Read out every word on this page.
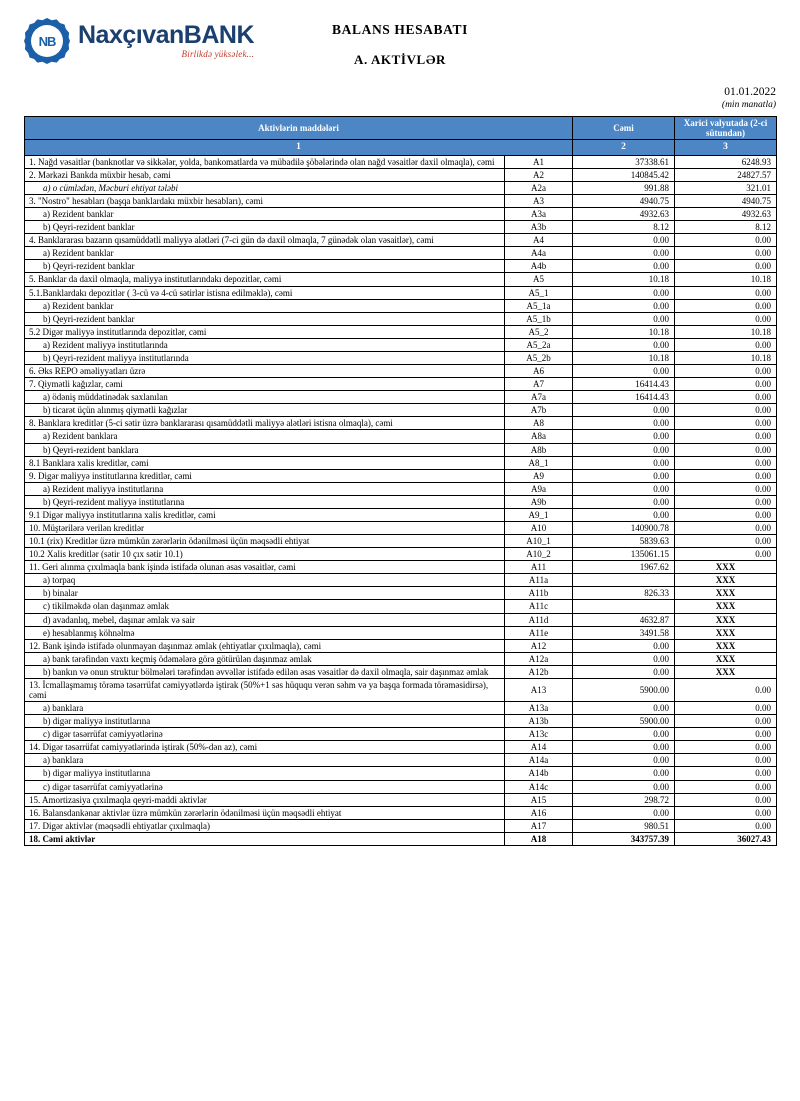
NB NaxçıvanBANK
Birlikdə yüksəlek...
BALANS HESABATI
A. AKTİVLƏR
01.01.2022
(min manatla)
Aktivlərin maddələri		Cəmi	Xarici valyutada (2-ci sütundan)
1		2	3
1. Nağd vəsaitlər (banknotlar və sikkələr, yolda, bankomatlarda və mübadilə şöbələrində olan nağd vəsaitlər daxil olmaqla), cəmi	A1	37338.61	6248.93
2. Mərkəzi Bankda müxbir hesab, cəmi	A2	140845.42	24827.57
a) o cümlədən, Məcburi ehtiyat tələbi	A2a	991.88	321.01
3. "Nostro" hesabları (başqa banklardakı müxbir hesabları), cəmi	A3	4940.75	4940.75
a) Rezident banklar	A3a	4932.63	4932.63
b) Qeyri-rezident banklar	A3b	8.12	8.12
4. Banklararası bazarın qısamüddətli maliyyə alətləri (7-ci gün də daxil olmaqla, 7 günədək olan vəsaitlər), cəmi	A4	0.00	0.00
a) Rezident banklar	A4a	0.00	0.00
b) Qeyri-rezident banklar	A4b	0.00	0.00
5. Banklar da daxil olmaqla, maliyyə institutlarındakı depozitlər, cəmi	A5	10.18	10.18
5.1.Banklardakı depozitlər ( 3-cü və 4-cü sətirlər istisna edilməklə), cəmi	A5_1	0.00	0.00
a) Rezident banklar	A5_1a	0.00	0.00
b) Qeyri-rezident banklar	A5_1b	0.00	0.00
5.2 Digər maliyyə institutlarında depozitlər, cəmi	A5_2	10.18	10.18
a) Rezident maliyyə institutlarında	A5_2a	0.00	0.00
b) Qeyri-rezident maliyyə institutlarında	A5_2b	10.18	10.18
6. Əks REPO əməliyyatları üzrə	A6	0.00	0.00
7. Qiymətli kağızlar, cəmi	A7	16414.43	0.00
a) ödəniş müddətinədək saxlanılan	A7a	16414.43	0.00
b) ticarət üçün alınmış qiymətli kağızlar	A7b	0.00	0.00
8. Banklara kreditlər (5-ci sətir üzrə banklararası qısamüddətli maliyyə alətləri istisna olmaqla), cəmi	A8	0.00	0.00
a) Rezident banklara	A8a	0.00	0.00
b) Qeyri-rezident banklara	A8b	0.00	0.00
8.1 Banklara xalis kreditlər, cəmi	A8_1	0.00	0.00
9. Digər maliyyə institutlarına kreditlər, cəmi	A9	0.00	0.00
a) Rezident maliyyə institutlarına	A9a	0.00	0.00
b) Qeyri-rezident maliyyə institutlarına	A9b	0.00	0.00
9.1 Digər maliyyə institutlarına xalis kreditlər, cəmi	A9_1	0.00	0.00
10. Müştərilərə verilən kreditlər	A10	140900.78	0.00
10.1 (rix) Kreditlər üzrə mümkün zərərlərin ödənilməsi üçün məqsədli ehtiyat	A10_1	5839.63	0.00
10.2 Xalis kreditlər (sətir 10 çıx sətir 10.1)	A10_2	135061.15	0.00
11. Geri alınma çıxılmaqla bank işində istifadə olunan əsas vəsaitlər, cəmi	A11	1967.62	XXX
a) torpaq	A11a		XXX
b) binalar	A11b	826.33	XXX
c) tikilməkdə olan daşınmaz əmlak	A11c		XXX
d) avadanlıq, mebel, daşınar əmlak və sair	A11d	4632.87	XXX
e) hesablanmış köhnəlmə	A11e	3491.58	XXX
12. Bank işində istifadə olunmayan daşınmaz əmlak (ehtiyatlar çıxılmaqla), cəmi	A12	0.00	XXX
a) bank tərəfindən vaxtı keçmiş ödəmələrə görə götürülən daşınmaz əmlak	A12a	0.00	XXX
b) bankın və onun struktur bölmələri tərəfindən əvvəllər istifadə edilən əsas vəsaitlər də daxil olmaqla, sair daşınmaz əmlak	A12b	0.00	XXX
13. İcmallaşmamış törəmə təsərrüfat cəmiyyətlərdə iştirak (50%+1 səs hüququ verən səhm və ya başqa formada törəməsidirsə), cəmi	A13	5900.00	0.00
a) banklara	A13a	0.00	0.00
b) digər maliyyə institutlarına	A13b	5900.00	0.00
c) digər təsərrüfat cəmiyyətlərinə	A13c	0.00	0.00
14. Digər təsərrüfat cəmiyyətlərində iştirak (50%-dən az), cəmi	A14	0.00	0.00
a) banklara	A14a	0.00	0.00
b) digər maliyyə institutlarına	A14b	0.00	0.00
c) digər təsərrüfat cəmiyyətlərinə	A14c	0.00	0.00
15. Amortizasiya çıxılmaqla qeyri-maddi aktivlər	A15	298.72	0.00
16. Balansdankənar aktivlər üzrə mümkün zərərlərin ödənilməsi üçün məqsədli ehtiyat	A16	0.00	0.00
17. Digər aktivlər (məqsədli ehtiyatlar çıxılmaqla)	A17	980.51	0.00
18. Cəmi aktivlər	A18	343757.39	36027.43
